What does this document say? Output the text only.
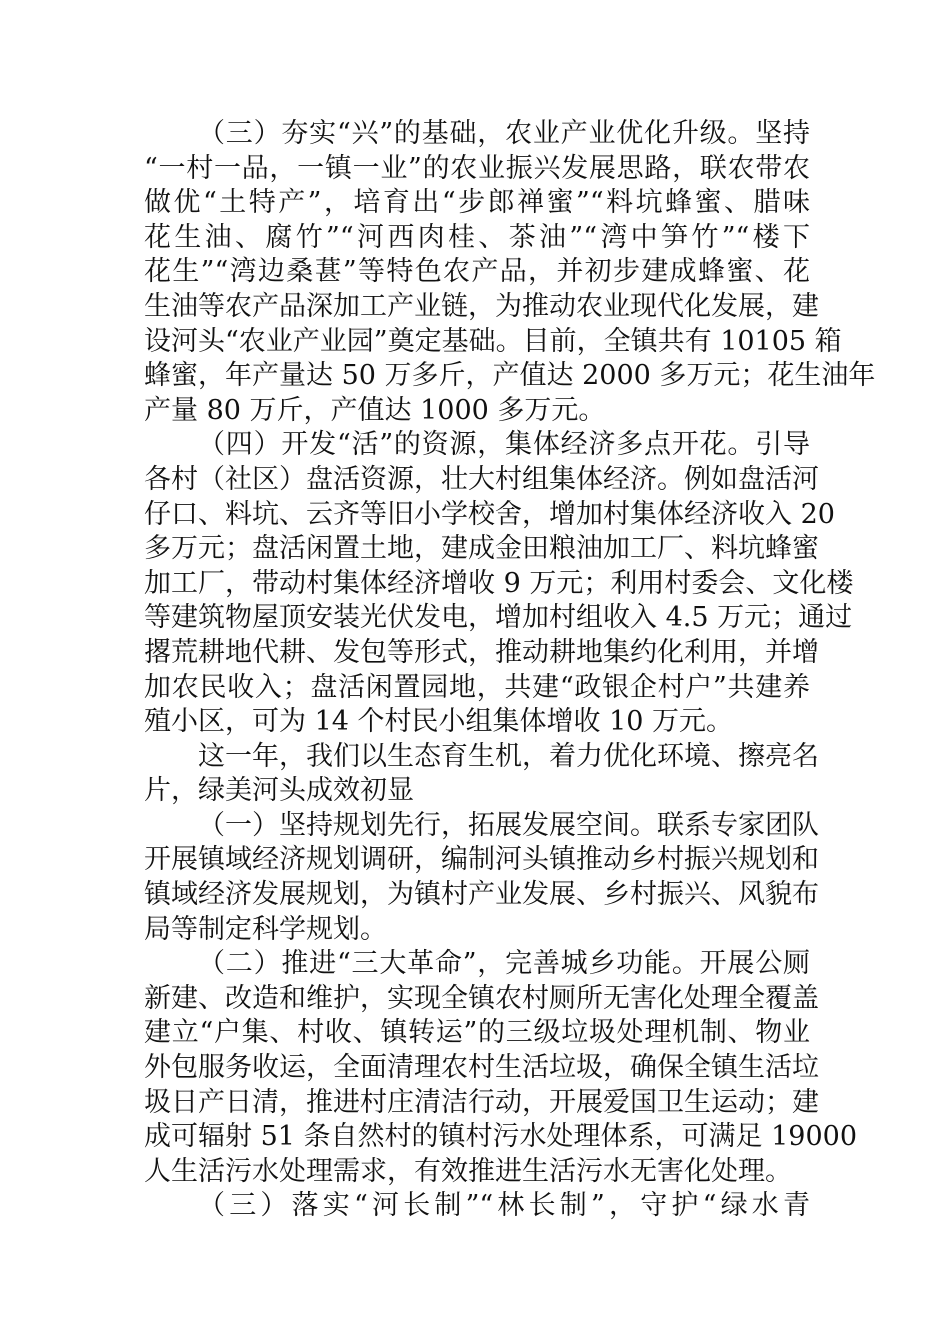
（三）夯实“兴”的基础，农业产业优化升级。坚持
“一村一品，一镇一业”的农业振兴发展思路，联农带农
做优“土特产”，培育出“步郎禅蜜”“料坑蜂蜜、腊味
花生油、腐竹”“河西肉桂、茶油”“湾中笋竹”“楼下
花生”“湾边桑葚”等特色农产品，并初步建成蜂蜜、花
生油等农产品深加工产业链，为推动农业现代化发展，建
设河头“农业产业园”奠定基础。目前，全镇共有 10105 箱
蜂蜜，年产量达 50 万多斤，产值达 2000 多万元；花生油年
产量 80 万斤，产值达 1000 多万元。
（四）开发“活”的资源，集体经济多点开花。引导
各村（社区）盘活资源，壮大村组集体经济。例如盘活河
仔口、料坑、云齐等旧小学校舍，增加村集体经济收入 20
多万元；盘活闲置土地，建成金田粮油加工厂、料坑蜂蜜
加工厂，带动村集体经济增收 9 万元；利用村委会、文化楼
等建筑物屋顶安装光伏发电，增加村组收入 4.5 万元；通过
撂荒耕地代耕、发包等形式，推动耕地集约化利用，并增
加农民收入；盘活闲置园地，共建“政银企村户”共建养
殖小区，可为 14 个村民小组集体增收 10 万元。
这一年，我们以生态育生机，着力优化环境、擦亮名
片，绿美河头成效初显
（一）坚持规划先行，拓展发展空间。联系专家团队
开展镇域经济规划调研，编制河头镇推动乡村振兴规划和
镇域经济发展规划，为镇村产业发展、乡村振兴、风貌布
局等制定科学规划。
（二）推进“三大革命”，完善城乡功能。开展公厕
新建、改造和维护，实现全镇农村厕所无害化处理全覆盖
建立“户集、村收、镇转运”的三级垃圾处理机制、物业
外包服务收运，全面清理农村生活垃圾，确保全镇生活垃
圾日产日清，推进村庄清洁行动，开展爱国卫生运动；建
成可辐射 51 条自然村的镇村污水处理体系，可满足 19000
人生活污水处理需求，有效推进生活污水无害化处理。
（三）落实“河长制”“林长制”，守护“绿水青
